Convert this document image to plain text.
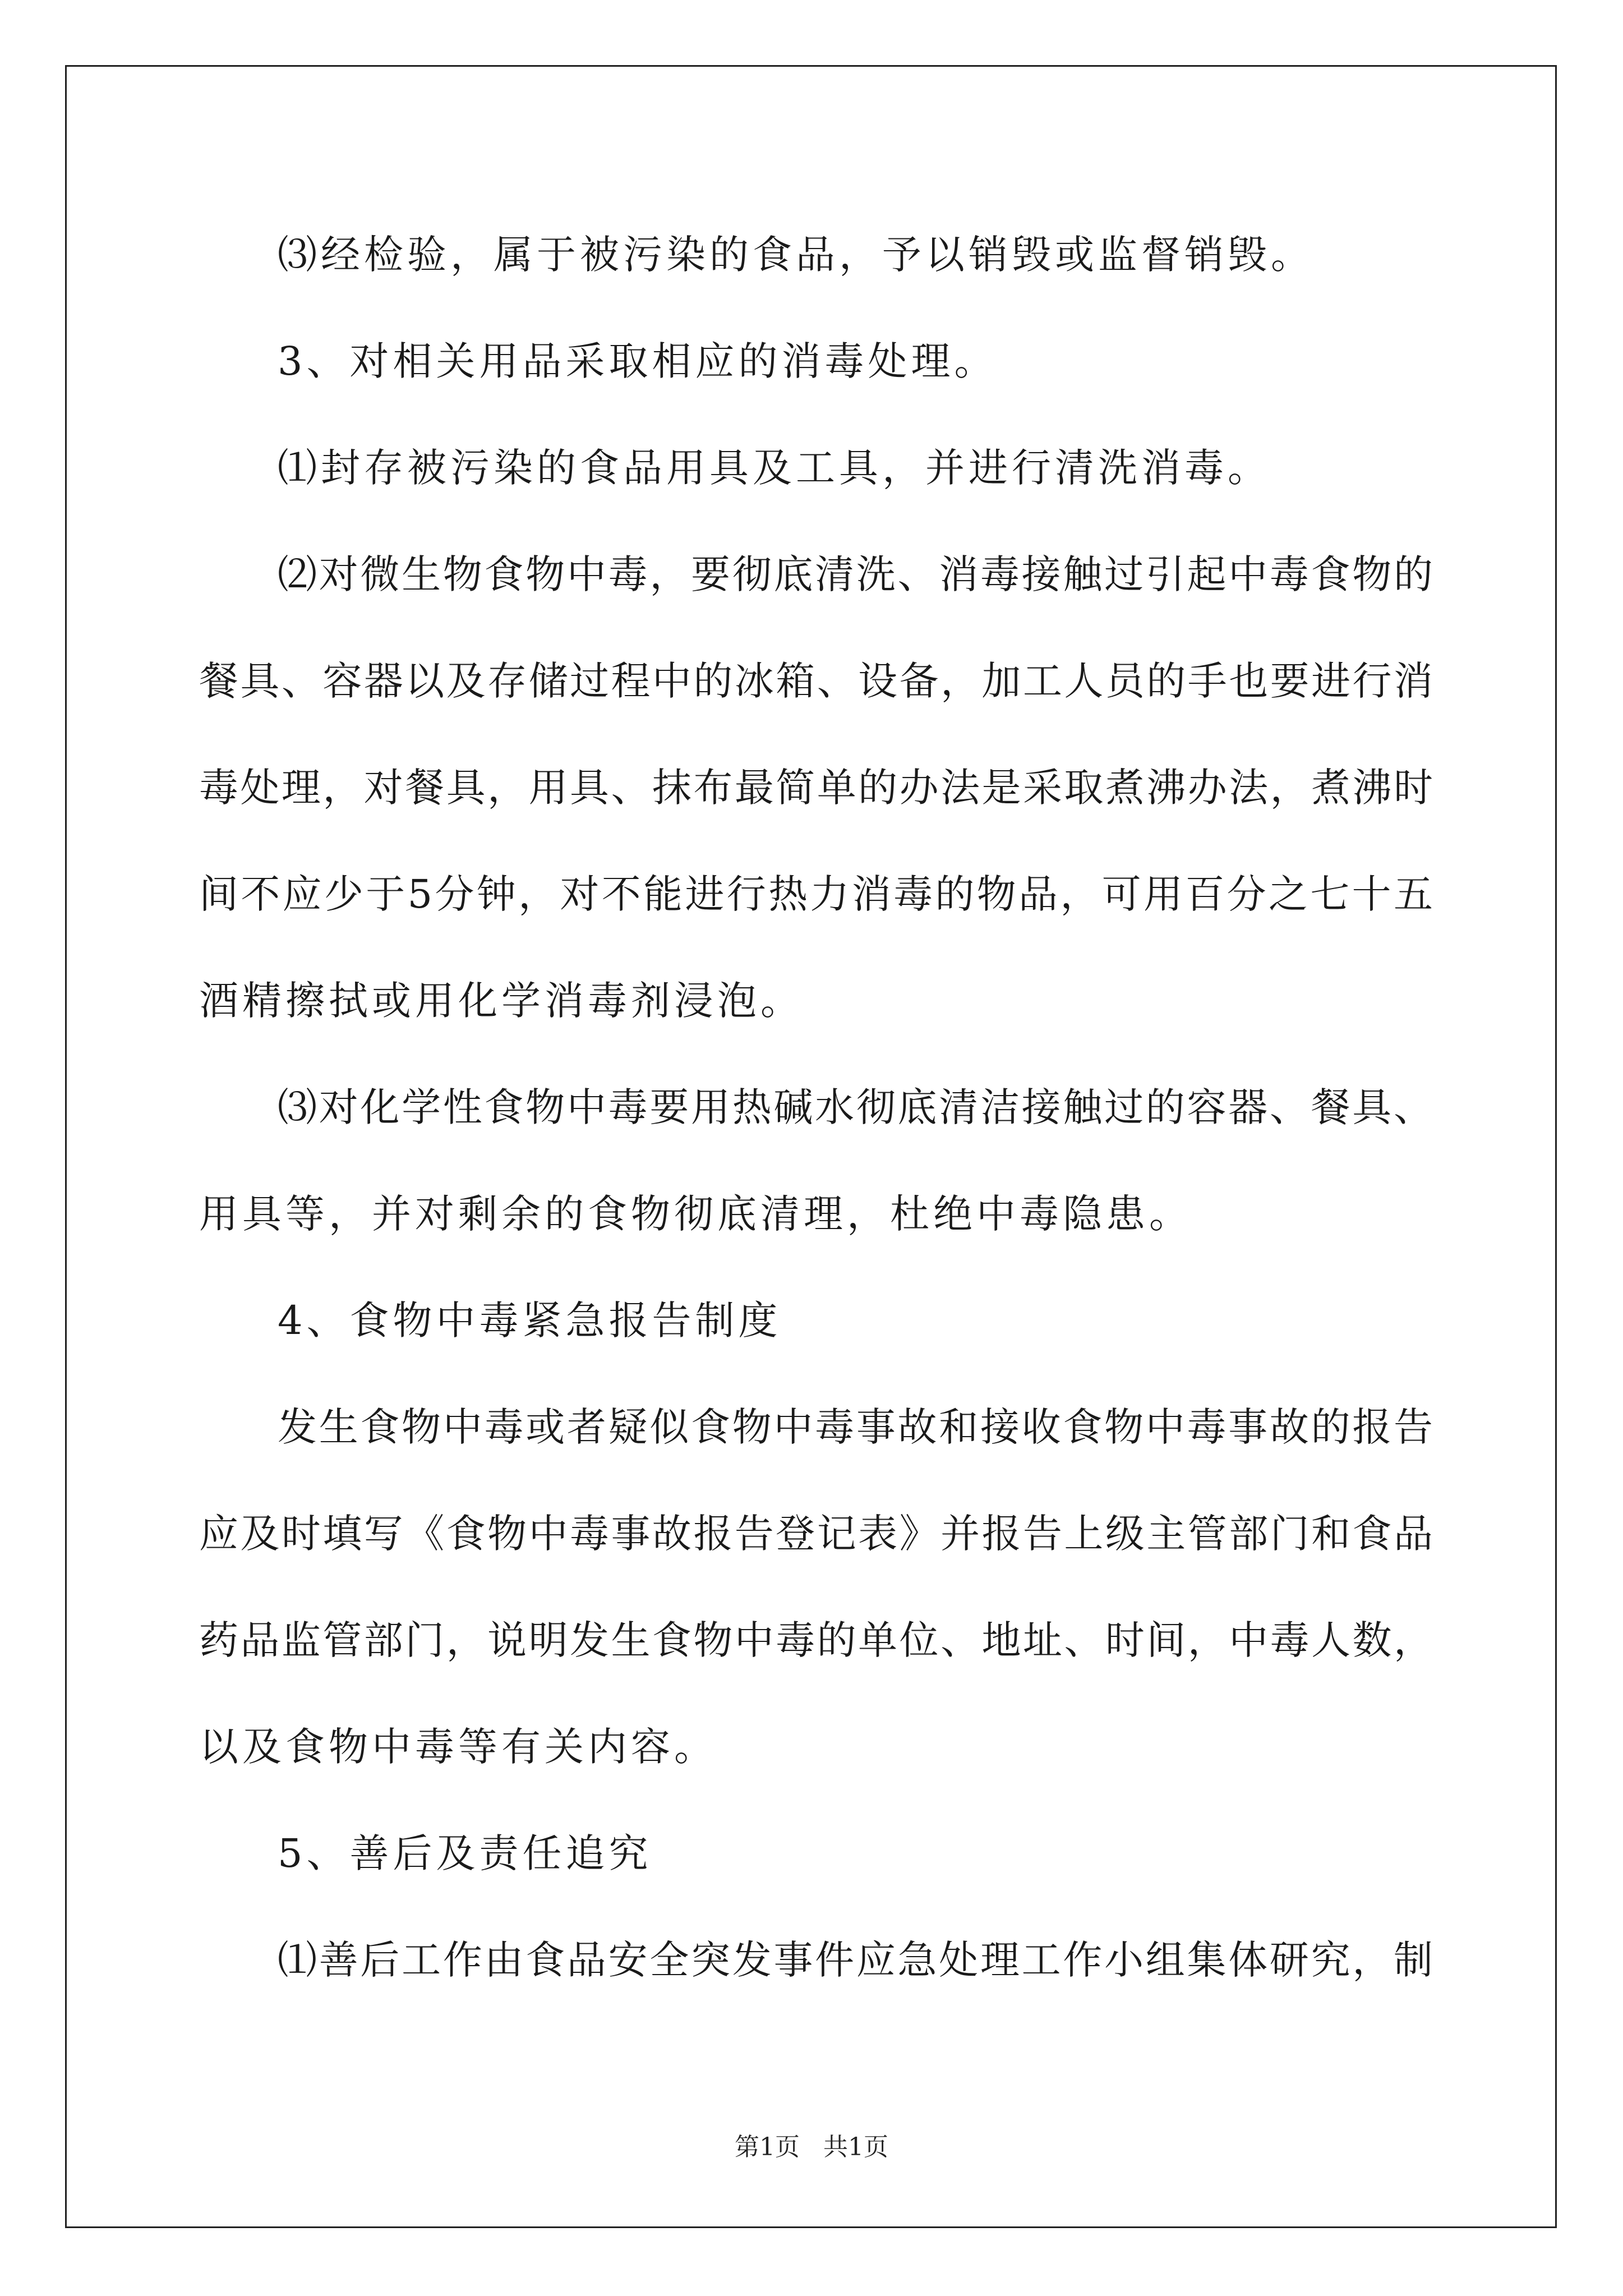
⑶经检验，属于被污染的食品，予以销毁或监督销毁。
3、对相关用品采取相应的消毒处理。
⑴封存被污染的食品用具及工具，并进行清洗消毒。
⑵对微生物食物中毒，要彻底清洗、消毒接触过引起中毒食物的
餐具、容器以及存储过程中的冰箱、设备，加工人员的手也要进行消
毒处理，对餐具，用具、抹布最简单的办法是采取煮沸办法，煮沸时
间不应少于5分钟，对不能进行热力消毒的物品，可用百分之七十五
酒精擦拭或用化学消毒剂浸泡。
⑶对化学性食物中毒要用热碱水彻底清洁接触过的容器、餐具、
用具等，并对剩余的食物彻底清理，杜绝中毒隐患。
4、食物中毒紧急报告制度
发生食物中毒或者疑似食物中毒事故和接收食物中毒事故的报告
应及时填写《食物中毒事故报告登记表》并报告上级主管部门和食品
药品监管部门，说明发生食物中毒的单位、地址、时间，中毒人数，
以及食物中毒等有关内容。
5、善后及责任追究
⑴善后工作由食品安全突发事件应急处理工作小组集体研究，制
第1页   共1页
